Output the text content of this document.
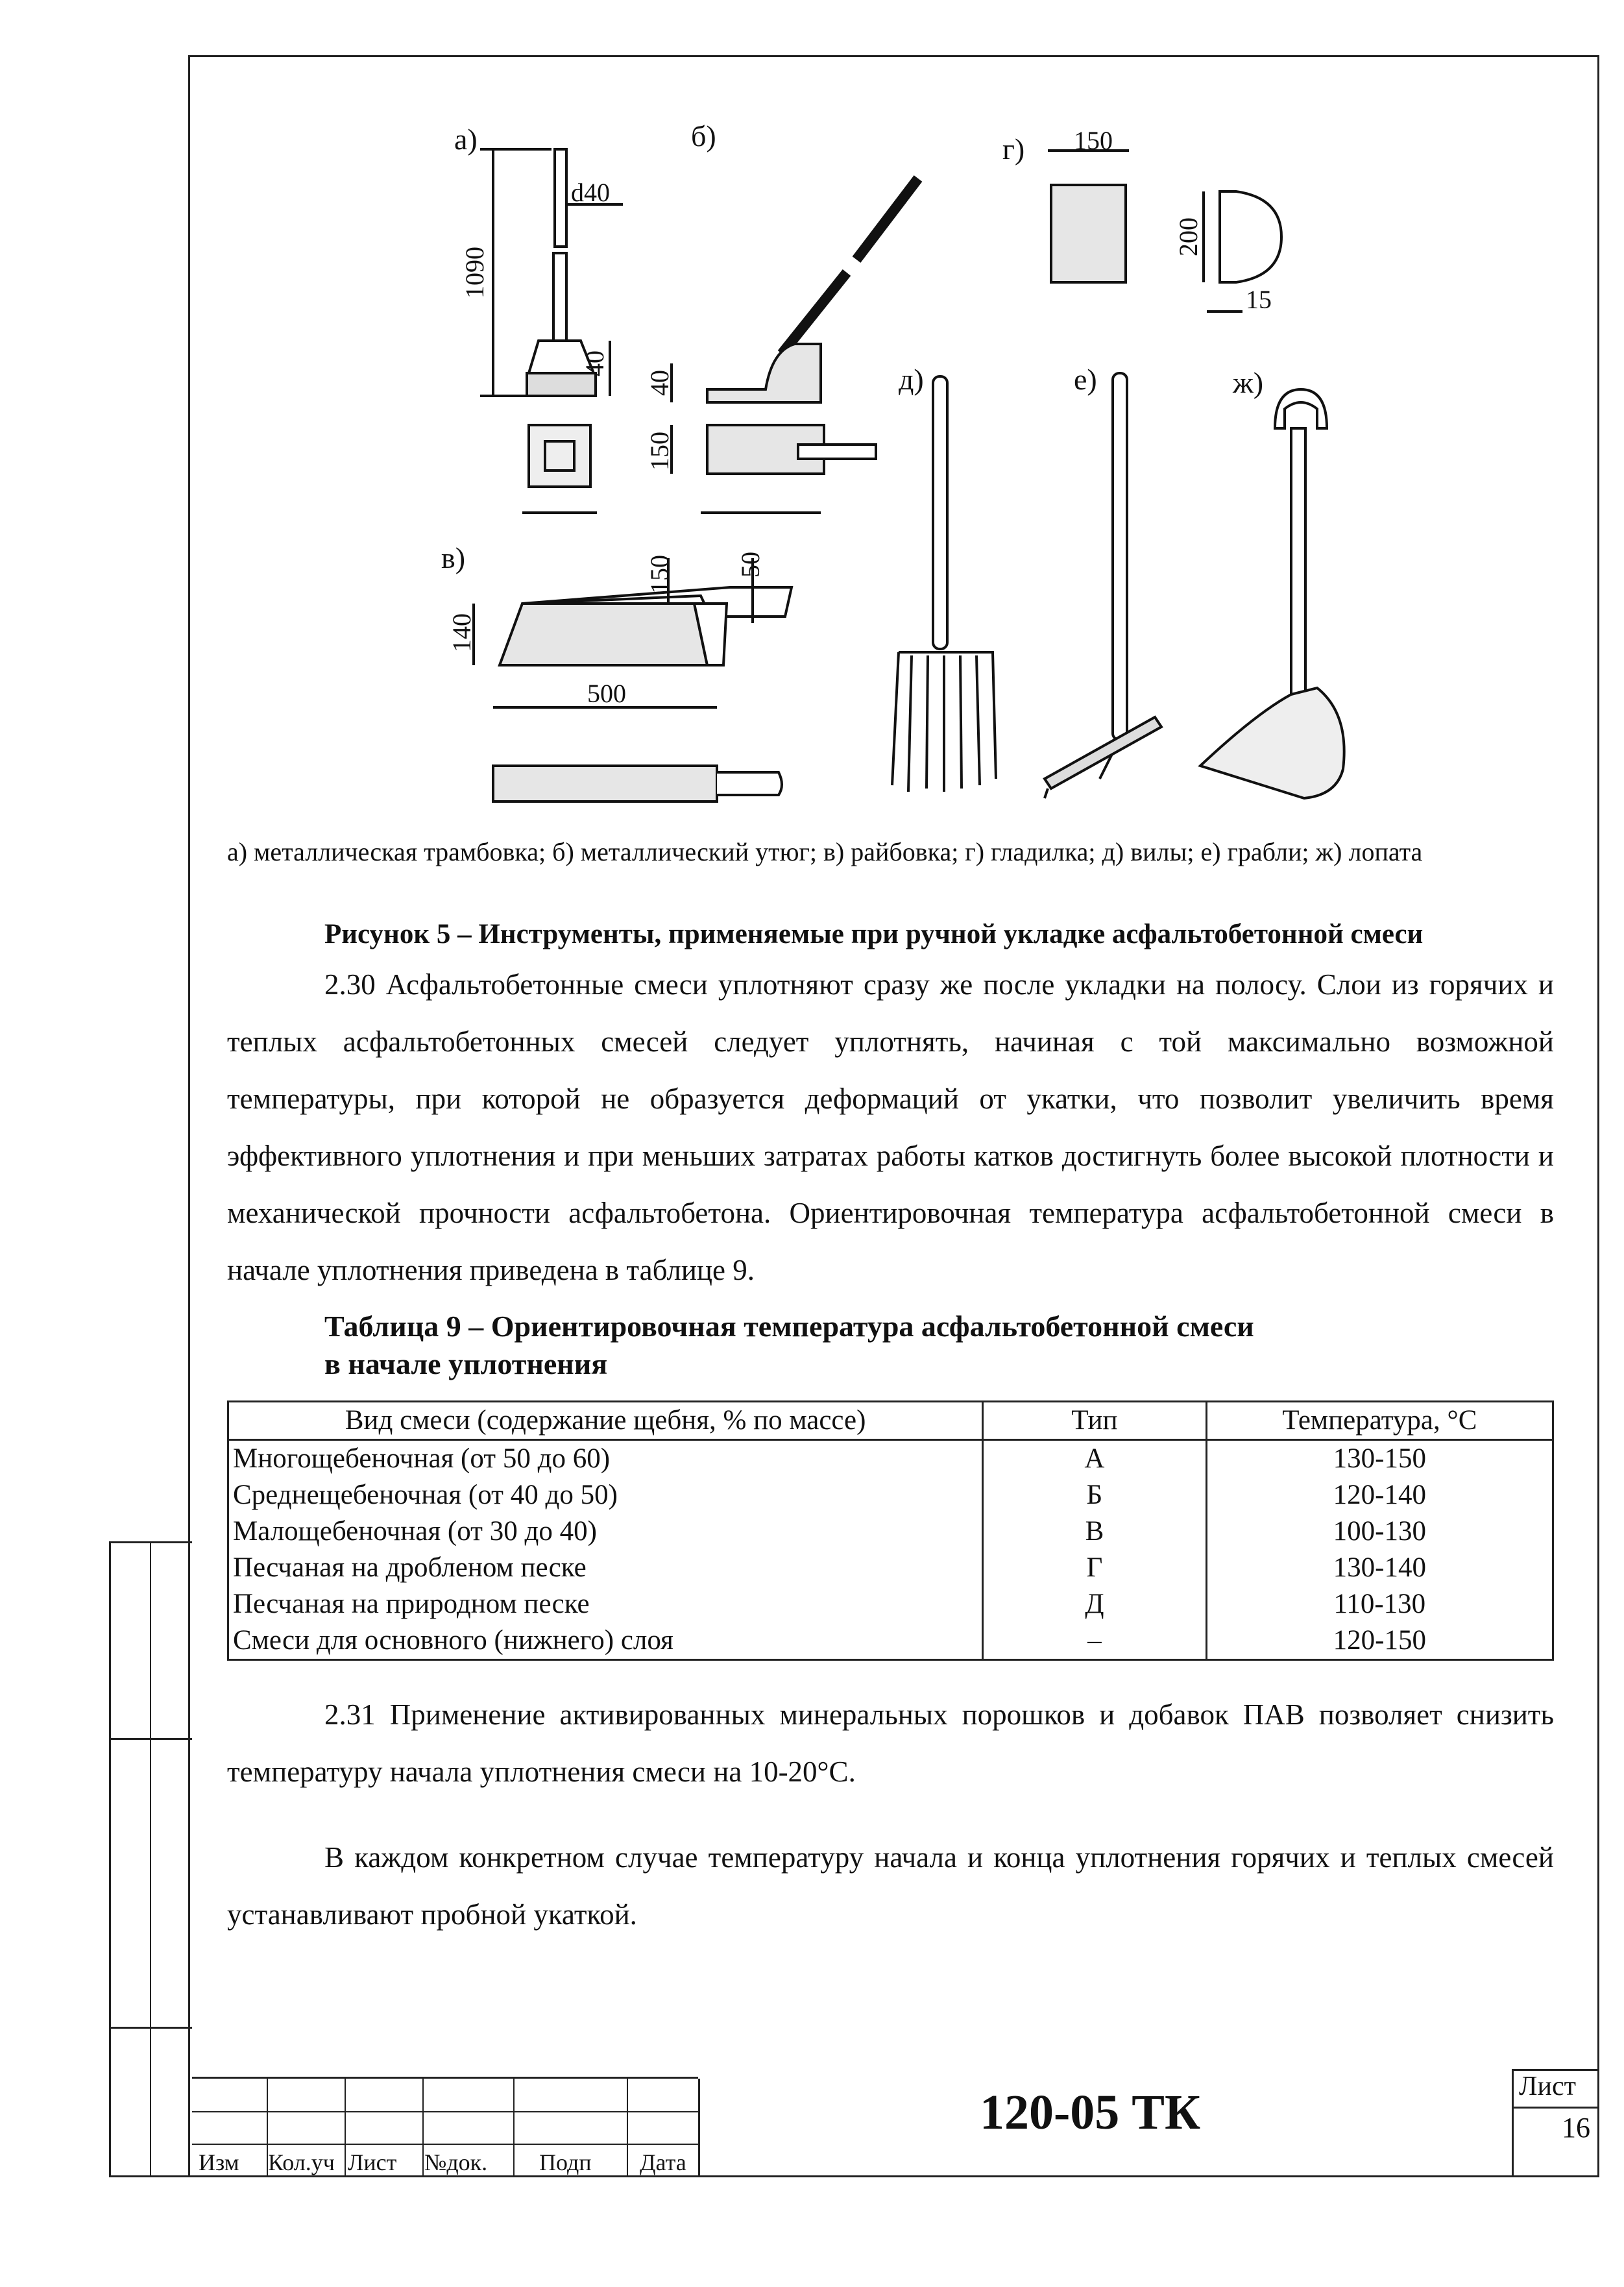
а)	б)	г)
д)	е)	ж)
в)
d40
1090
40
40
150
150
200
15
150 50
140
500
а) металлическая трамбовка; б) металлический утюг; в) райбовка; г) гладилка; д) вилы; е) грабли; ж) лопата
Рисунок 5 – Инструменты, применяемые при ручной укладке асфальтобетонной смеси
2.30 Асфальтобетонные смеси уплотняют сразу же после укладки на полосу. Слои из горячих и теплых асфальтобетонных смесей следует уплотнять, начиная с той максимально возможной температуры, при которой не образуется деформаций от укатки, что позволит увеличить время эффективного уплотнения и при меньших затратах работы катков достигнуть более высокой плотности и механической прочности асфальтобетона. Ориентировочная температура асфальтобетонной смеси в начале уплотнения приведена в таблице 9.
Таблица 9 – Ориентировочная температура асфальтобетонной смеси
в начале уплотнения
Вид смеси (содержание щебня, % по массе)	Тип	Температура, °С
Многощебеночная (от 50 до 60)	А	130-150
Среднещебеночная (от 40 до 50)	Б	120-140
Малощебеночная (от 30 до 40)	В	100-130
Песчаная на дробленом песке	Г	130-140
Песчаная на природном песке	Д	110-130
Смеси для основного (нижнего) слоя	–	120-150
2.31 Применение активированных минеральных порошков и добавок ПАВ позволяет снизить температуру начала уплотнения смеси на 10-20°С.
В каждом конкретном случае температуру начала и конца уплотнения горячих и теплых смесей устанавливают пробной укаткой.
Изм Кол.уч Лист №док. Подп Дата
120-05 ТК	Лист
16
